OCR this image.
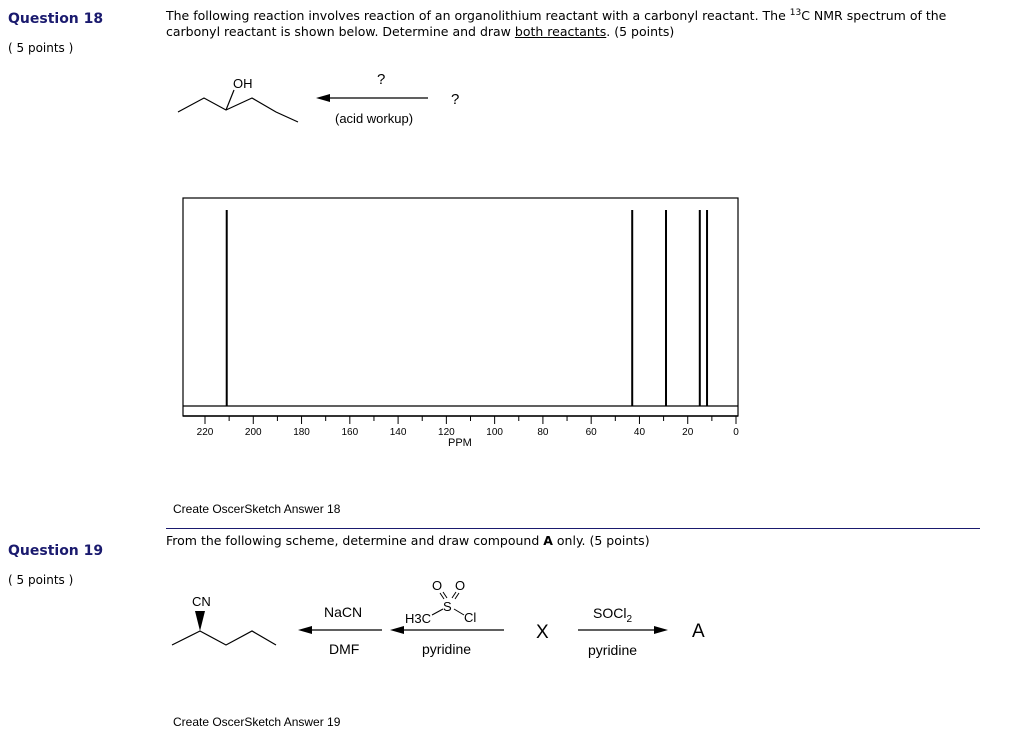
Question 18
( 5 points )
The following reaction involves reaction of an organolithium reactant with a carbonyl reactant. The $^{13}$C NMR spectrum of the carbonyl reactant is shown below. Determine and draw both reactants. (5 points)
OH	?
(acid workup)
?
220	200	180	160	140	120	100	80	60	40	20	0
PPM
Create OscerSketch Answer 18
Question 19
( 5 points )
From the following scheme, determine and draw compound A only. (5 points)
CN
NaCN
DMF
H3C
S
Cl
O O
pyridine
X
SOCl$_2$
pyridine
A
Create OscerSketch Answer 19
